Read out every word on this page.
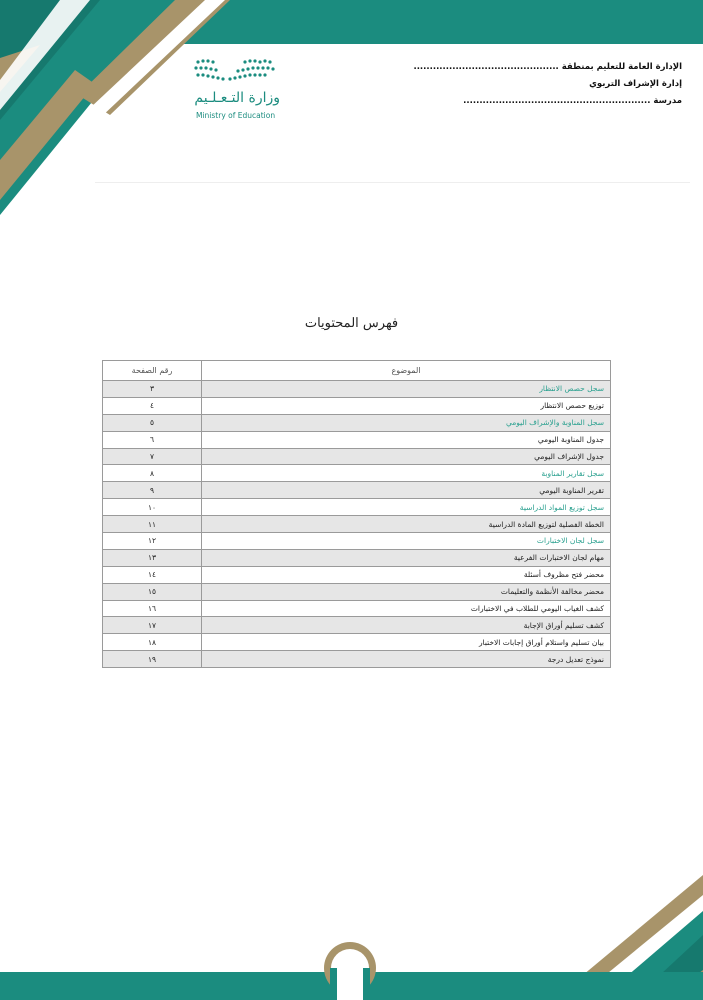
وزارة التـعـلـيم
Ministry of Education
الإدارة العامة للتعليم بمنطقة .............................................
إدارة الإشراف التربوي
مدرسة ..........................................................
فهرس المحتويات
الموضوع	رقم الصفحة
سجل حصص الانتظار	٣
توزيع حصص الانتظار	٤
سجل المناوبة والإشراف اليومي	٥
جدول المناوبة اليومي	٦
جدول الإشراف اليومي	٧
سجل تقارير المناوبة	٨
تقرير المناوبة اليومي	٩
سجل توزيع المواد الدراسية	١٠
الخطة الفصلية لتوزيع المادة الدراسية	١١
سجل لجان الاختبارات	١٢
مهام لجان الاختبارات الفرعية	١٣
محضر فتح مظروف أسئلة	١٤
محضر مخالفة الأنظمة والتعليمات	١٥
كشف الغياب اليومي للطلاب في الاختبارات	١٦
كشف تسليم أوراق الإجابة	١٧
بيان تسليم واستلام أوراق إجابات الاختبار	١٨
نموذج تعديل درجة	١٩
